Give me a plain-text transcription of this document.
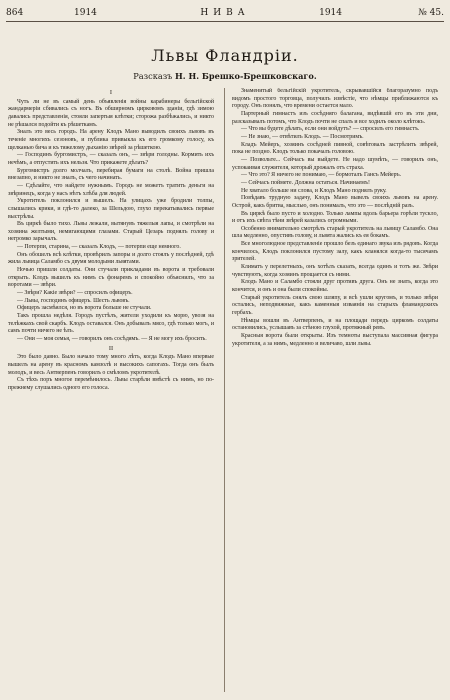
864	1914	НИВА	1914	№ 45.
Львы Фландріи.
Разсказъ Н. Н. Брешко-Брешковскаго.
I

Чуть ли не въ самый день объявленія войны карабинеры бельгійской жандармеріи сбивались съ ногъ. Въ обширномъ цирковомъ зданіи, гдѣ зимою давались представленія, стояли запертыя клѣтки; сторожа разбѣжались, и никто не рѣшался подойти къ рѣшеткамъ.

Зналъ это весь городъ. На арену Клодъ Мано выводилъ своихъ львовъ въ теченіе многихъ сезоновъ, и публика привыкла къ его громкому голосу, къ щелканью бича и къ тяжелому дыханію звѣрей за рѣшеткою.

— Господинъ бургомистръ, — сказалъ онъ, — звѣри голодны. Кормить ихъ нечѣмъ, а отпустить ихъ нельзя. Что прикажете дѣлать?

Бургомистръ долго молчалъ, перебирая бумаги на столѣ. Война пришла внезапно, и никто не зналъ, съ чего начинать.

— Сдѣлайте, что найдете нужнымъ. Городъ не можетъ тратить деньги на звѣринецъ, когда у насъ нѣтъ хлѣба для людей.

Укротитель поклонился и вышелъ. На улицахъ уже бродили толпы, слышались крики, и гдѣ-то далеко, за Шельдою, глухо перекатывались первые выстрѣлы.

Въ циркѣ было тихо. Львы лежали, вытянувъ тяжелыя лапы, и смотрѣли на хозяина желтыми, немигающими глазами. Старый Цезарь поднялъ голову и негромко зарычалъ.

— Потерпи, старина, — сказалъ Клодъ, — потерпи еще немного.

Онъ обошелъ всѣ клѣтки, провѣрилъ запоры и долго стоялъ у послѣдней, гдѣ жила львица Саламбо съ двумя молодыми львятами.

Ночью пришли солдаты. Они стучали прикладами въ ворота и требовали открыть. Клодъ вышелъ къ нимъ съ фонаремъ и спокойно объяснилъ, что за воротами — звѣри.

— Звѣри? Какіе звѣри? — спросилъ офицеръ.

— Львы, господинъ офицеръ. Шесть львовъ.

Офицеръ засмѣялся, но въ ворота больше не стучали.

Такъ прошла недѣля. Городъ пустѣлъ, жители уходили къ морю, увозя на телѣжкахъ свой скарбъ. Клодъ оставался. Онъ добывалъ мясо, гдѣ только могъ, и самъ почти ничего не ѣлъ.

— Они — моя семья, — говорилъ онъ сосѣдямъ. — Я не могу ихъ бросить.

II

Это было давно. Было начало тому много лѣтъ, когда Клодъ Мано впервые вышелъ на арену въ красномъ камзолѣ и высокихъ сапогахъ. Тогда онъ былъ молодъ, и весь Антверпенъ говорилъ о смѣломъ укротителѣ.

Съ тѣхъ поръ многое перемѣнилось. Львы старѣли вмѣстѣ съ нимъ, но по-прежнему слушались одного его голоса.

Знаменитый бельгійскій укротитель, скрывавшійся благоразумно подъ видомъ простого торговца, получилъ извѣстіе, что нѣмцы приближаются къ городу. Онъ понялъ, что времени остается мало.

Партерный гимнастъ изъ сосѣдняго балагана, видѣвшій его въ эти дни, разсказывалъ потомъ, что Клодъ почти не спалъ и все ходилъ около клѣтокъ.

— Что вы будете дѣлать, если они войдутъ? — спросилъ его гимнастъ.

— Не знаю, — отвѣтилъ Клодъ. — Посмотримъ.

Кладъ Мейеръ, хозяинъ сосѣдней пивной, совѣтовалъ застрѣлить звѣрей, пока не поздно. Клодъ только покачалъ головою.

— Позвольте... Сейчасъ вы выйдете. Не надо шумѣть, — говорилъ онъ, успокаивая служителя, который дрожалъ отъ страха.

— Что это? Я ничего не понимаю, — бормоталъ Гансъ Мейеръ.

— Сейчасъ поймете. Должна остаться. Начинаемъ!

Не хватало больше ни слова, и Клодъ Мано поднялъ руку.

Повѣдавъ трудную задачу, Клодъ Мано вывелъ своихъ львовъ на арену. Острой, какъ бритва, мыслью, онъ понималъ, что это — послѣдній разъ.

Въ циркѣ было пусто и холодно. Только лампы вдоль барьера горѣли тускло, и отъ ихъ свѣта тѣни звѣрей казались огромными.

Особенно внимательно смотрѣлъ старый укротитель на львицу Саламбо. Она шла медленно, опустивъ голову, и львята жались къ ея бокамъ.

Все многолюдное представленіе прошло безъ единаго звука изъ рядовъ. Когда кончилось, Клодъ поклонился пустому залу, какъ кланялся когда-то тысячамъ зрителей.

Климатъ у перелетныхъ, онъ хотѣлъ сказать, всегда одинъ и тотъ же. Звѣри чувствуютъ, когда хозяинъ прощается съ ними.

Клодъ Мано и Саламбо стояли друг противъ друга. Онъ не знать, когда это кончится, и онъ и она были спокойны.

Старый укротитель снялъ свою шляпу, и всѣ ушли кругомъ, и только звѣри остались, неподвижные, какъ каменныя изваянія на старыхъ фламандскихъ гербахъ.

Нѣмцы вошли въ Антверпенъ, и на площади передъ циркомъ солдаты остановились, услышавъ за стѣною глухой, протяжный ревъ.

Красныя ворота были открыты. Изъ темноты выступала массивная фигура укротителя, а за нимъ, медленно и величаво, шли львы.
